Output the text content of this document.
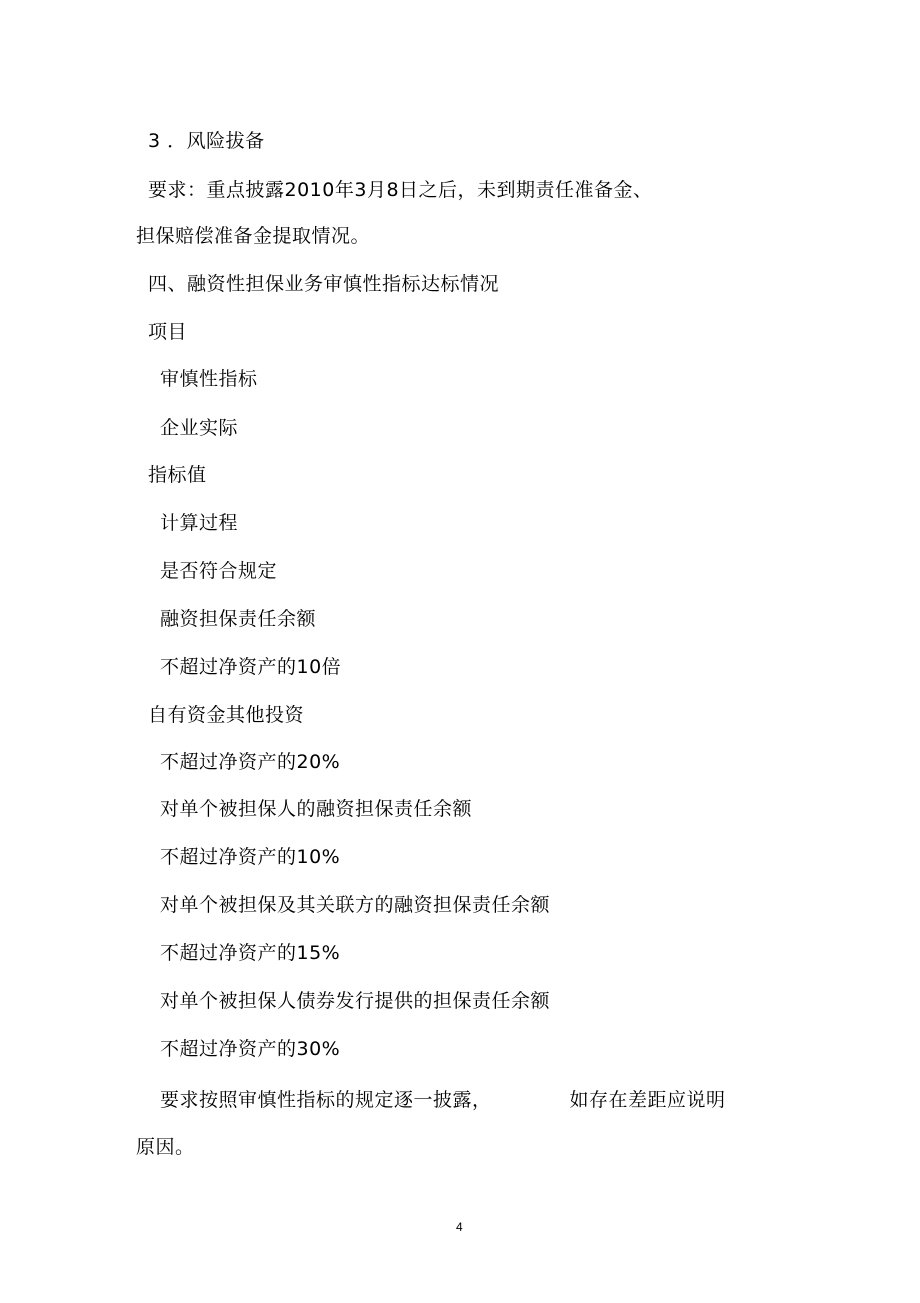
3 ．风险拔备
要求：重点披露2010年3月8日之后，未到期责任准备金、
担保赔偿准备金提取情况。
四、融资性担保业务审慎性指标达标情况
项目
审慎性指标
企业实际
指标值
计算过程
是否符合规定
融资担保责任余额
不超过净资产的10倍
自有资金其他投资
不超过净资产的20%
对单个被担保人的融资担保责任余额
不超过净资产的10%
对单个被担保及其关联方的融资担保责任余额
不超过净资产的15%
对单个被担保人债券发行提供的担保责任余额
不超过净资产的30%
要求按照审慎性指标的规定逐一披露，	如存在差距应说明
原因。
4
